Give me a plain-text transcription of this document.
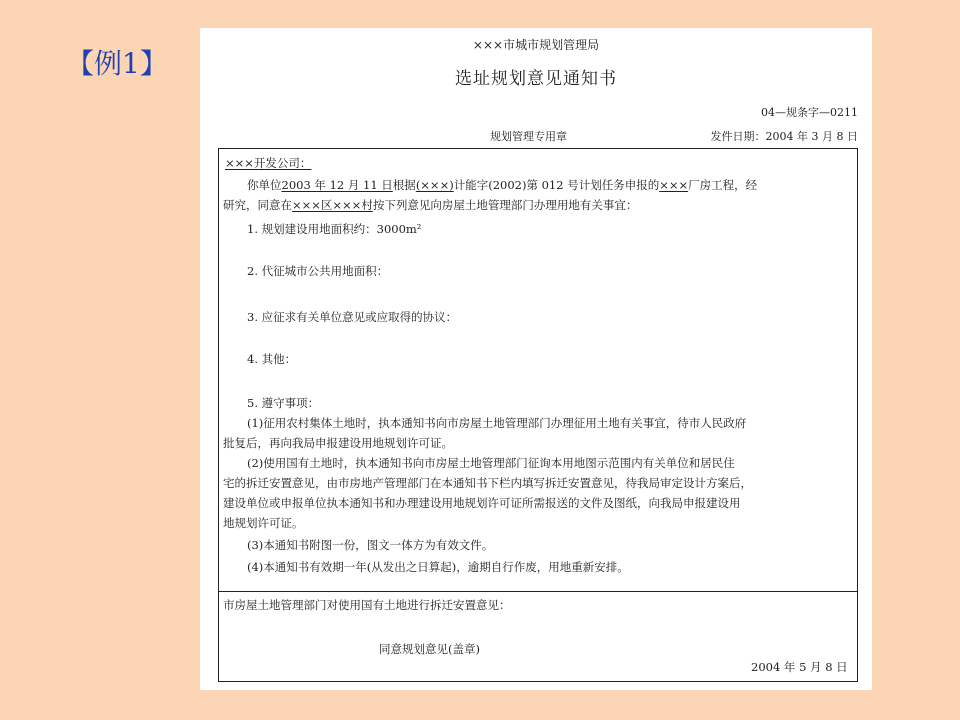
【例1】
×××市城市规划管理局
选址规划意见通知书
04—规条字—0211
规划管理专用章	发件日期：2004 年 3 月 8 日
×××开发公司：
你单位2003 年 12 月 11 日根据(×××)计能字(2002)第 012 号计划任务申报的×××厂房工程，经
研究，同意在×××区×××村按下列意见向房屋土地管理部门办理用地有关事宜：
1. 规划建设用地面积约：3000m²
2. 代征城市公共用地面积：
3. 应征求有关单位意见或应取得的协议：
4. 其他：
5. 遵守事项：
(1)征用农村集体土地时，执本通知书向市房屋土地管理部门办理征用土地有关事宜，待市人民政府
批复后，再向我局申报建设用地规划许可证。
(2)使用国有土地时，执本通知书向市房屋土地管理部门征询本用地图示范围内有关单位和居民住
宅的拆迁安置意见，由市房地产管理部门在本通知书下栏内填写拆迁安置意见，待我局审定设计方案后，
建设单位或申报单位执本通知书和办理建设用地规划许可证所需报送的文件及图纸，向我局申报建设用
地规划许可证。
(3)本通知书附图一份，图文一体方为有效文件。
(4)本通知书有效期一年(从发出之日算起)，逾期自行作废，用地重新安排。
市房屋土地管理部门对使用国有土地进行拆迁安置意见：
同意规划意见(盖章)
2004 年 5 月 8 日
